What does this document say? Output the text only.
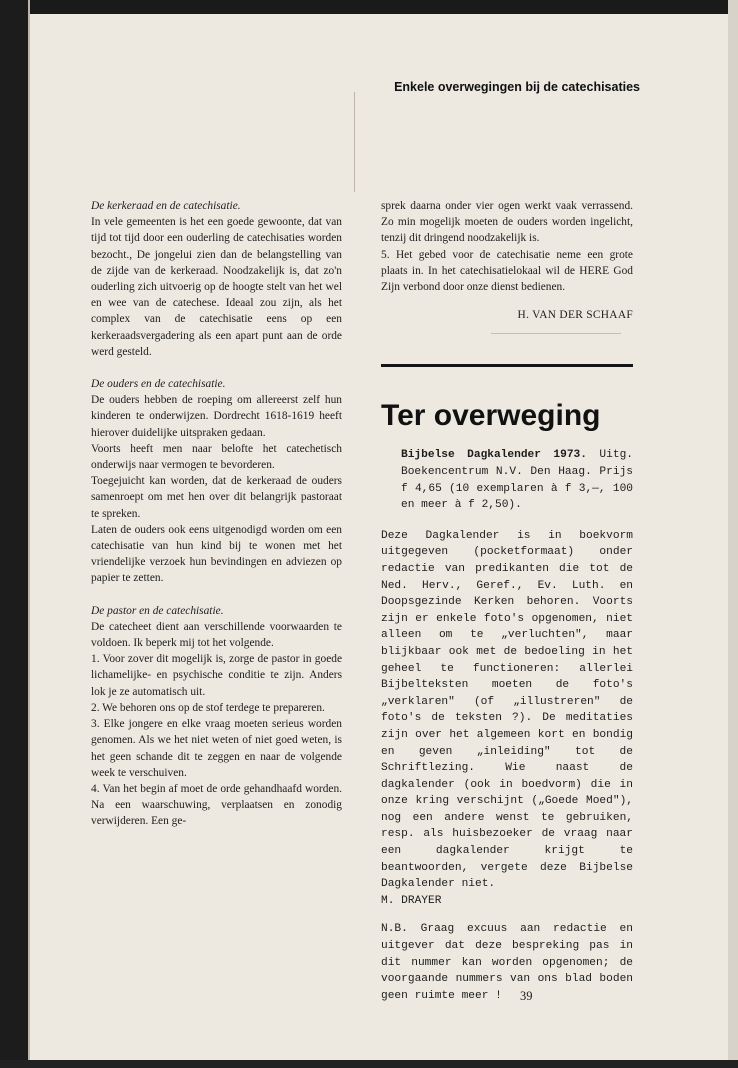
Enkele overwegingen bij de catechisaties

De kerkeraad en de catechisatie.

In vele gemeenten is het een goede gewoonte, dat van tijd tot tijd door een ouderling de catechisaties worden bezocht., De jongelui zien dan de belangstelling van de zijde van de kerkeraad. Noodzakelijk is, dat zo'n ouderling zich uitvoerig op de hoogte stelt van het wel en wee van de catechese. Ideaal zou zijn, als het complex van de catechisatie eens op een kerkeraadsvergadering als een apart punt aan de orde werd gesteld.

De ouders en de catechisatie.

De ouders hebben de roeping om allereerst zelf hun kinderen te onderwijzen. Dordrecht 1618-1619 heeft hierover duidelijke uitspraken gedaan.

Voorts heeft men naar belofte het catechetisch onderwijs naar vermogen te bevorderen.

Toegejuicht kan worden, dat de kerkeraad de ouders samenroept om met hen over dit belangrijk pastoraat te spreken.

Laten de ouders ook eens uitgenodigd worden om een catechisatie van hun kind bij te wonen met het vriendelijke verzoek hun bevindingen en adviezen op papier te zetten.

De pastor en de catechisatie.

De catecheet dient aan verschillende voorwaarden te voldoen. Ik beperk mij tot het volgende.

1. Voor zover dit mogelijk is, zorge de pastor in goede lichamelijke- en psychische conditie te zijn. Anders lok je ze automatisch uit.

2. We behoren ons op de stof terdege te prepareren.

3. Elke jongere en elke vraag moeten serieus worden genomen. Als we het niet weten of niet goed weten, is het geen schande dit te zeggen en naar de volgende week te verschuiven.

4. Van het begin af moet de orde gehandhaafd worden. Na een waarschuwing, verplaatsen en zonodig verwijderen. Een ge-

sprek daarna onder vier ogen werkt vaak verrassend. Zo min mogelijk moeten de ouders worden ingelicht, tenzij dit dringend noodzakelijk is.

5. Het gebed voor de catechisatie neme een grote plaats in. In het catechisatielokaal wil de HERE God Zijn verbond door onze dienst bedienen.

H. VAN DER SCHAAF

Ter overweging
Bijbelse Dagkalender 1973. Uitg. Boekencentrum N.V. Den Haag. Prijs f 4,65 (10 exemplaren à f 3,—, 100 en meer à f 2,50).

Deze Dagkalender is in boekvorm uitgegeven (pocketformaat) onder redactie van predikanten die tot de Ned. Herv., Geref., Ev. Luth. en Doopsgezinde Kerken behoren. Voorts zijn er enkele foto's opgenomen, niet alleen om te „verluchten", maar blijkbaar ook met de bedoeling in het geheel te functioneren: allerlei Bijbelteksten moeten de foto's „verklaren" (of „illustreren" de foto's de teksten ?). De meditaties zijn over het algemeen kort en bondig en geven „inleiding" tot de Schriftlezing. Wie naast de dagkalender (ook in boedvorm) die in onze kring verschijnt („Goede Moed"), nog een andere wenst te gebruiken, resp. als huisbezoeker de vraag naar een dagkalender krijgt te beantwoorden, vergete deze Bijbelse Dagkalender niet.

M. DRAYER

N.B. Graag excuus aan redactie en uitgever dat deze bespreking pas in dit nummer kan worden opgenomen; de voorgaande nummers van ons blad boden geen ruimte meer !	39
